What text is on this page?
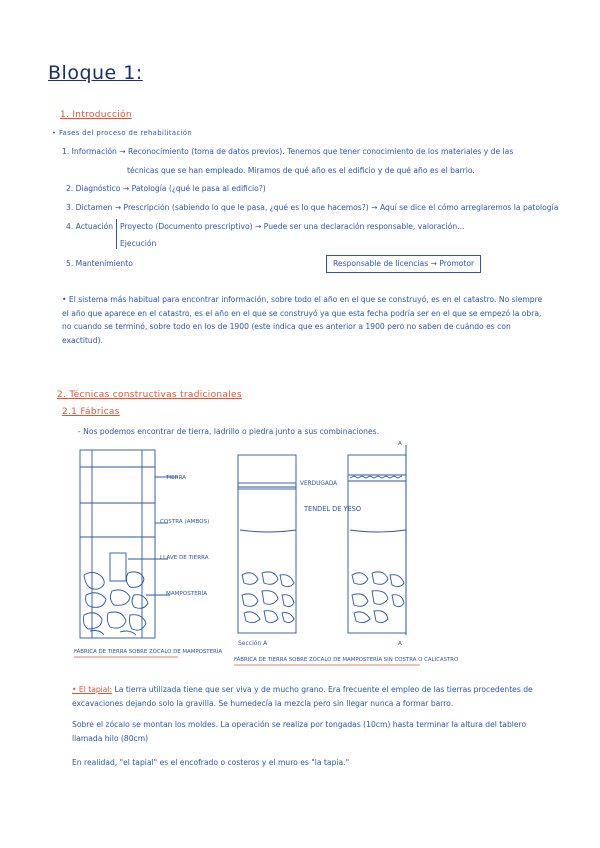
Bloque 1:
1. Introducción
• Fases del proceso de rehabilitación
1. Información → Reconocimiento (toma de datos previos). Tenemos que tener conocimiento de los materiales y de las
técnicas que se han empleado. Miramos de qué año es el edificio y de qué año es el barrio.
2. Diagnóstico → Patología (¿qué le pasa al edificio?)
3. Dictamen → Prescripción (sabiendo lo que le pasa, ¿qué es lo que hacemos?) → Aquí se dice el cómo arreglaremos la patología
4. Actuación Proyecto (Documento prescriptivo) → Puede ser una declaración responsable, valoración...
Ejecución
5. Mantenimiento	Responsable de licencias → Promotor
• El sistema más habitual para encontrar información, sobre todo el año en el que se construyó, es en el catastro. No siempre el año que aparece en el catastro, es el año en el que se construyó ya que esta fecha podría ser en el que se empezó la obra, no cuando se terminó, sobre todo en los de 1900 (este indica que es anterior a 1900 pero no saben de cuándo es con exactitud).
2. Técnicas constructivas tradicionales
2.1 Fábricas
- Nos podemos encontrar de tierra, ladrillo o piedra junto a sus combinaciones.
TIERRA
COSTRA (AMBOS)
LLAVE DE TIERRA
MAMPOSTERÍA
FÁBRICA DE TIERRA SOBRE ZÓCALO DE MAMPOSTERÍA
VERDUGADA
TENDEL DE YESO
Sección A
A
A
FÁBRICA DE TIERRA SOBRE ZÓCALO DE MAMPOSTERÍA SIN COSTRA O CALICASTRO
• El tapial: La tierra utilizada tiene que ser viva y de mucho grano. Era frecuente el empleo de las tierras procedentes de excavaciones dejando solo la gravilla. Se humedecía la mezcla pero sin llegar nunca a formar barro.
Sobre el zócalo se montan los moldes. La operación se realiza por tongadas (10cm) hasta terminar la altura del tablero llamada hilo (80cm)
En realidad, "el tapial" es el encofrado o costeros y el muro es "la tapia."
